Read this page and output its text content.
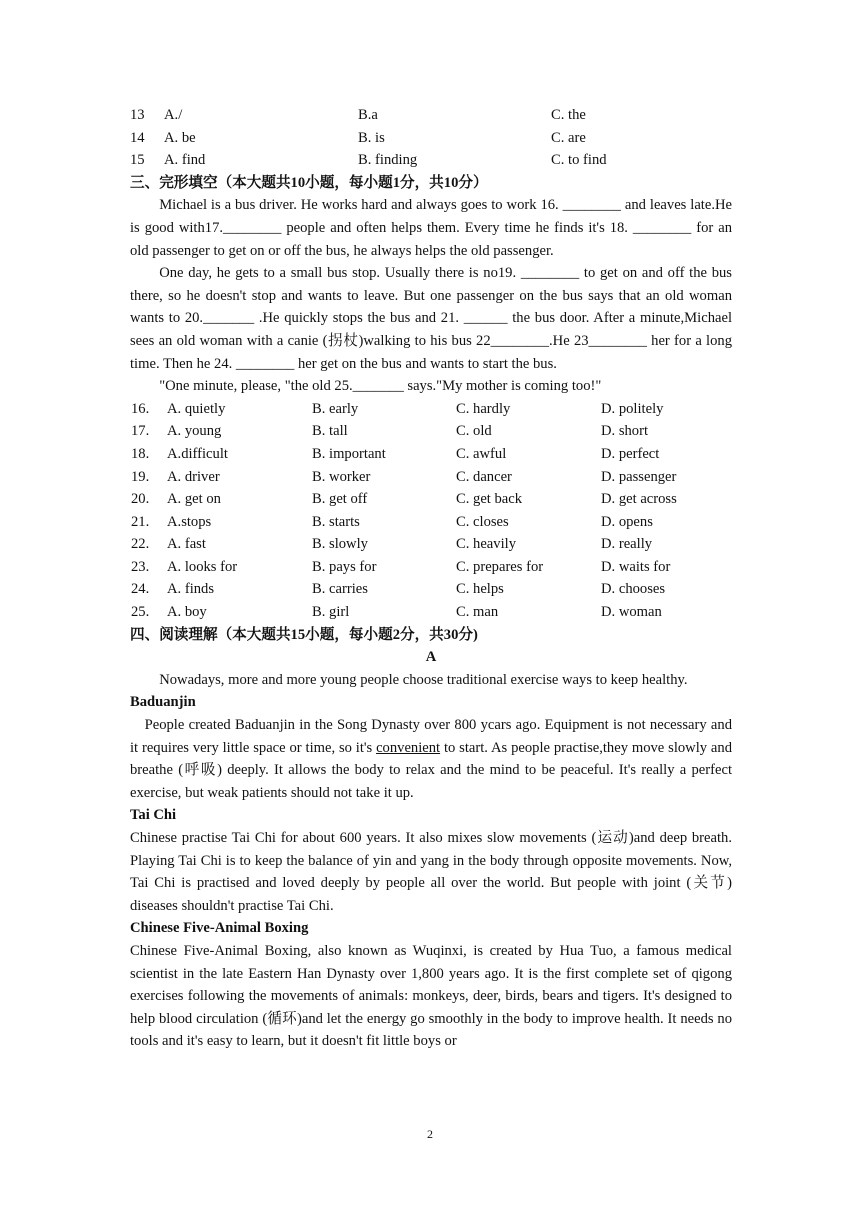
13 A./	B.a	C. the
14 A. be	B. is	C. are
15 A. find	B. finding	C. to find
三、完形填空（本大题共10小题，每小题1分，共10分）

Michael is a bus driver. He works hard and always goes to work 16. ________ and leaves late.He is good with17.________ people and often helps them. Every time he finds it's 18. ________ for an old passenger to get on or off the bus, he always helps the old passenger.

One day, he gets to a small bus stop. Usually there is no19. ________ to get on and off the bus there, so he doesn't stop and wants to leave. But one passenger on the bus says that an old woman wants to 20._______ .He quickly stops the bus and 21. ______ the bus door. After a minute,Michael sees an old woman with a canie (拐杖)walking to his bus 22________.He 23________ her for a long time. Then he 24. ________ her get on the bus and wants to start the bus.

"One minute, please, "the old 25._______ says."My mother is coming too!"

16. A. quietly	B. early	C. hardly	D. politely
17. A. young	B. tall	C. old	D. short
18. A.difficult	B. important	C. awful	D. perfect
19. A. driver	B. worker	C. dancer	D. passenger
20. A. get on	B. get off	C. get back	D. get across
21. A.stops	B. starts	C. closes	D. opens
22. A. fast	B. slowly	C. heavily	D. really
23. A. looks for	B. pays for	C. prepares for	D. waits for
24. A. finds	B. carries	C. helps	D. chooses
25. A. boy	B. girl	C. man	D. woman
四、阅读理解（本大题共15小题，每小题2分，共30分)
A

Nowadays, more and more young people choose traditional exercise ways to keep healthy.

Baduanjin

People created Baduanjin in the Song Dynasty over 800 ycars ago. Equipment is not necessary and it requires very little space or time, so it's convenient to start. As people practise,they move slowly and breathe (呼吸) deeply. It allows the body to relax and the mind to be peaceful. It's really a perfect exercise, but weak patients should not take it up.

Tai Chi

Chinese practise Tai Chi for about 600 years. It also mixes slow movements (运动)and deep breath. Playing Tai Chi is to keep the balance of yin and yang in the body through opposite movements. Now, Tai Chi is practised and loved deeply by people all over the world. But people with joint (关节) diseases shouldn't practise Tai Chi.

Chinese Five-Animal Boxing

Chinese Five-Animal Boxing, also known as Wuqinxi, is created by Hua Tuo, a famous medical scientist in the late Eastern Han Dynasty over 1,800 years ago. It is the first complete set of qigong exercises following the movements of animals: monkeys, deer, birds, bears and tigers. It's designed to help blood circulation (循环)and let the energy go smoothly in the body to improve health. It needs no tools and it's easy to learn, but it doesn't fit little boys or

2
